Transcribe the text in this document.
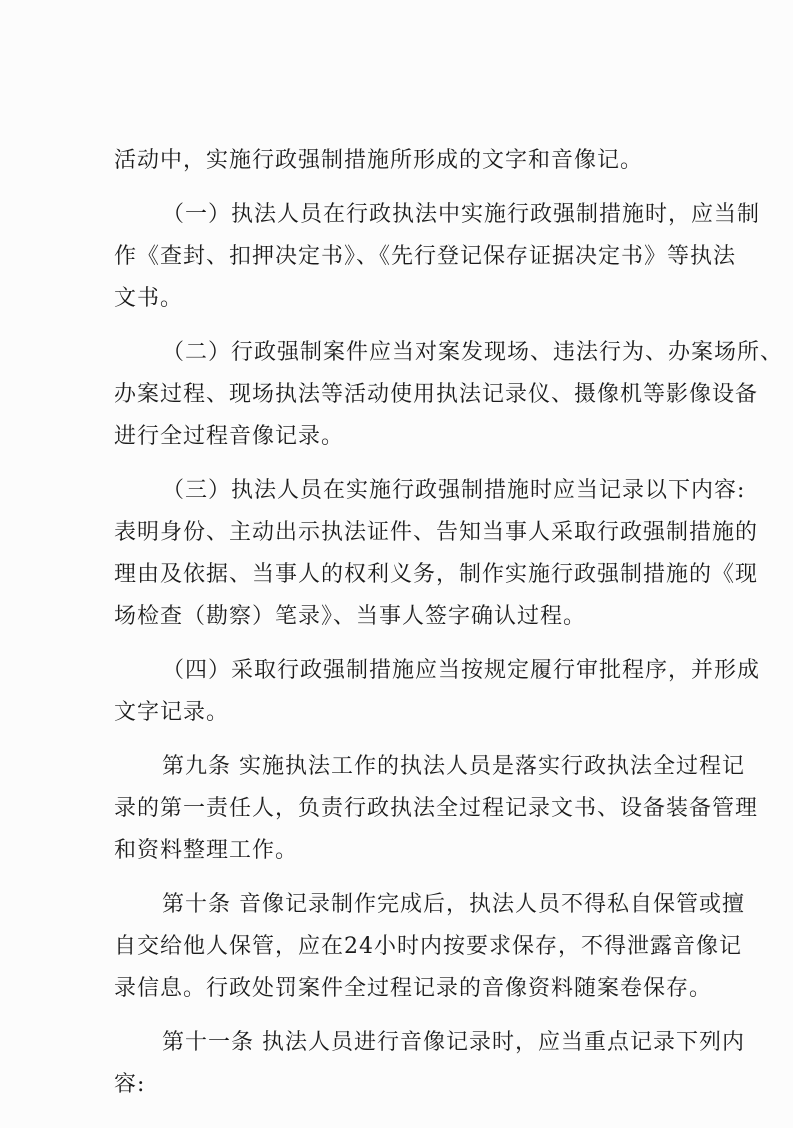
活动中，实施行政强制措施所形成的文字和音像记。
（一）执法人员在行政执法中实施行政强制措施时，应当制
作《查封、扣押决定书》、《先行登记保存证据决定书》等执法
文书。
（二）行政强制案件应当对案发现场、违法行为、办案场所、
办案过程、现场执法等活动使用执法记录仪、摄像机等影像设备
进行全过程音像记录。
（三）执法人员在实施行政强制措施时应当记录以下内容:
表明身份、主动出示执法证件、告知当事人采取行政强制措施的
理由及依据、当事人的权利义务，制作实施行政强制措施的《现
场检查（勘察）笔录》、当事人签字确认过程。
（四）采取行政强制措施应当按规定履行审批程序，并形成
文字记录。
第九条 实施执法工作的执法人员是落实行政执法全过程记
录的第一责任人，负责行政执法全过程记录文书、设备装备管理
和资料整理工作。
第十条 音像记录制作完成后，执法人员不得私自保管或擅
自交给他人保管，应在24小时内按要求保存，不得泄露音像记
录信息。行政处罚案件全过程记录的音像资料随案卷保存。
第十一条 执法人员进行音像记录时，应当重点记录下列内
容:
